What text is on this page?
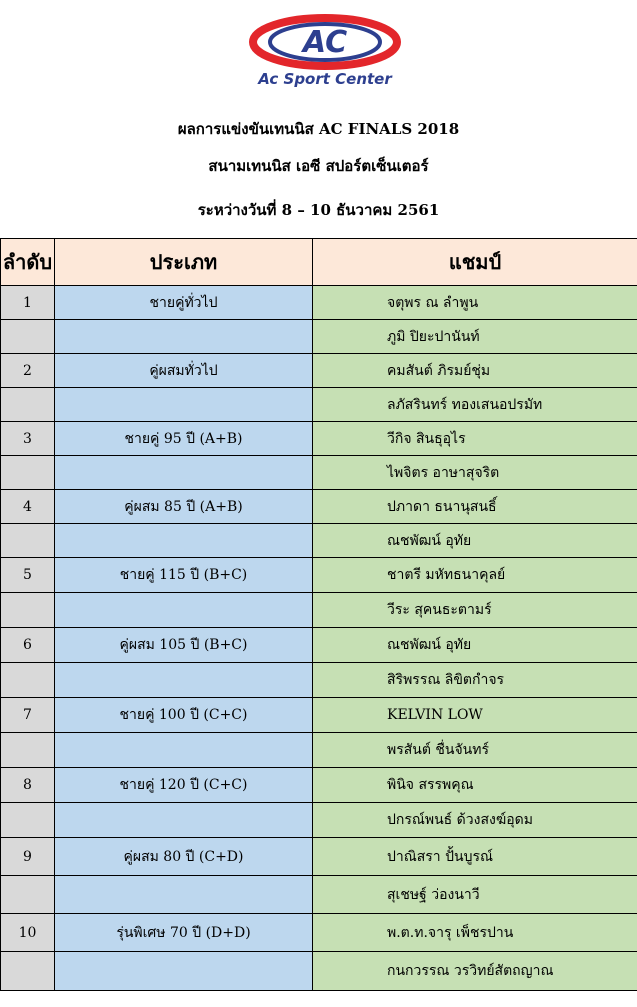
AC
Ac Sport Center
ผลการแข่งขันเทนนิส AC FINALS 2018
สนามเทนนิส เอซี สปอร์ตเซ็นเตอร์
ระหว่างวันที่ 8 – 10 ธันวาคม 2561
ลำดับ	ประเภท	แชมป์
1	ชายคู่ทั่วไป	จตุพร ณ ลำพูน
		ภูมิ ปิยะปานันท์
2	คู่ผสมทั่วไป	คมสันต์ ภิรมย์ชุ่ม
		ลภัสรินทร์ ทองเสนอปรมัท
3	ชายคู่ 95 ปี (A+B)	วีกิจ สินธุอุไร
		ไพจิตร อาษาสุจริต
4	คู่ผสม 85 ปี (A+B)	ปภาดา ธนานุสนธิ์
		ณชพัฒน์ อุทัย
5	ชายคู่ 115 ปี (B+C)	ชาตรี มหัทธนาคุลย์
		วีระ สุคนธะตามร์
6	คู่ผสม 105 ปี (B+C)	ณชพัฒน์ อุทัย
		สิริพรรณ ลิขิตกำจร
7	ชายคู่ 100 ปี (C+C)	KELVIN LOW
		พรสันต์ ชื่นจันทร์
8	ชายคู่ 120 ปี (C+C)	พินิจ สรรพคุณ
		ปกรณ์พนธ์ ด้วงสงฆ์อุดม
9	คู่ผสม 80 ปี (C+D)	ปาณิสรา ปั้นบูรณ์
		สุเชษฐ์ ว่องนาวี
10	รุ่นพิเศษ 70 ปี (D+D)	พ.ต.ท.จารุ เพ็ชรปาน
		กนกวรรณ วรวิทย์สัตถญาณ
